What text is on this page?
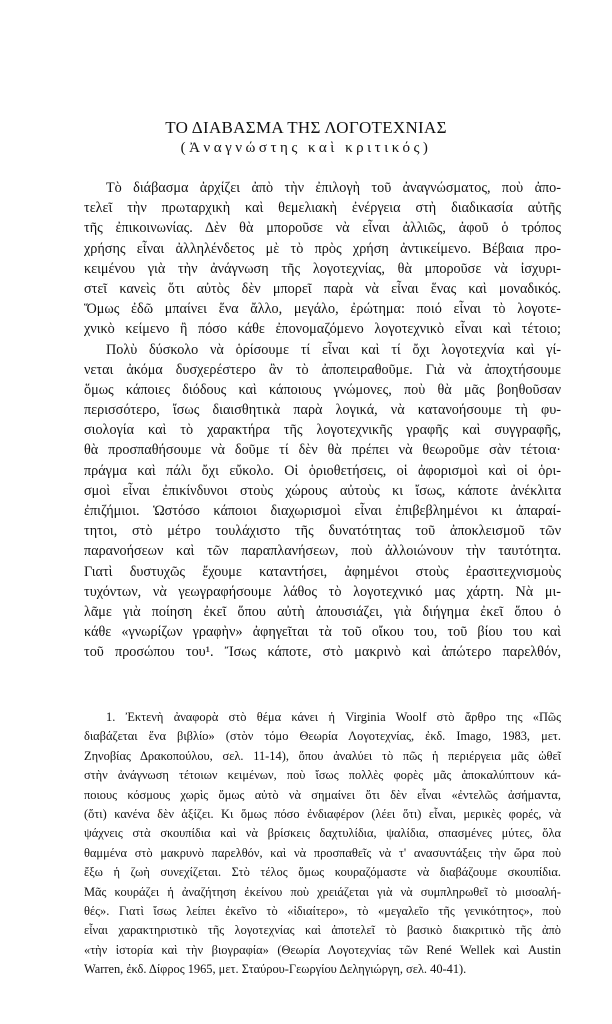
ΤΟ ΔΙΑΒΑΣΜΑ ΤΗΣ ΛΟΓΟΤΕΧΝΙΑΣ
(Ἀναγνώστης καὶ κριτικός)
Τὸ διάβασμα ἀρχίζει ἀπὸ τὴν ἐπιλογὴ τοῦ ἀναγνώσματος, ποὺ ἀπο-
τελεῖ τὴν πρωταρχικὴ καὶ θεμελιακὴ ἐνέργεια στὴ διαδικασία αὐτῆς
τῆς ἐπικοινωνίας. Δὲν θὰ μποροῦσε νὰ εἶναι ἀλλιῶς, ἀφοῦ ὁ τρόπος
χρήσης εἶναι ἀλληλένδετος μὲ τὸ πρὸς χρήση ἀντικείμενο. Βέβαια προ-
κειμένου γιὰ τὴν ἀνάγνωση τῆς λογοτεχνίας, θὰ μποροῦσε νὰ ἰσχυρι-
στεῖ κανεὶς ὅτι αὐτὸς δὲν μπορεῖ παρὰ νὰ εἶναι ἕνας καὶ μοναδικός.
Ὅμως ἐδῶ μπαίνει ἕνα ἄλλο, μεγάλο, ἐρώτημα: ποιό εἶναι τὸ λογοτε-
χνικὸ κείμενο ἢ πόσο κάθε ἐπονομαζόμενο λογοτεχνικὸ εἶναι καὶ τέτοιο;
Πολὺ δύσκολο νὰ ὁρίσουμε τί εἶναι καὶ τί ὄχι λογοτεχνία καὶ γί-
νεται ἀκόμα δυσχερέστερο ἂν τὸ ἀποπειραθοῦμε. Γιὰ νὰ ἀποχτήσουμε
ὅμως κάποιες διόδους καὶ κάποιους γνώμονες, ποὺ θὰ μᾶς βοηθοῦσαν
περισσότερο, ἴσως διαισθητικὰ παρὰ λογικά, νὰ κατανοήσουμε τὴ φυ-
σιολογία καὶ τὸ χαρακτήρα τῆς λογοτεχνικῆς γραφῆς καὶ συγγραφῆς,
θὰ προσπαθήσουμε νὰ δοῦμε τί δὲν θὰ πρέπει νὰ θεωροῦμε σὰν τέτοια·
πράγμα καὶ πάλι ὄχι εὔκολο. Οἱ ὁριοθετήσεις, οἱ ἀφορισμοὶ καὶ οἱ ὁρι-
σμοὶ εἶναι ἐπικίνδυνοι στοὺς χώρους αὐτοὺς κι ἴσως, κάποτε ἀνέκλιτα
ἐπιζήμιοι. Ὡστόσο κάποιοι διαχωρισμοὶ εἶναι ἐπιβεβλημένοι κι ἀπαραί-
τητοι, στὸ μέτρο τουλάχιστο τῆς δυνατότητας τοῦ ἀποκλεισμοῦ τῶν
παρανοήσεων καὶ τῶν παραπλανήσεων, ποὺ ἀλλοιώνουν τὴν ταυτότητα.
Γιατὶ δυστυχῶς ἔχουμε καταντήσει, ἀφημένοι στοὺς ἐρασιτεχνισμοὺς
τυχόντων, νὰ γεωγραφήσουμε λάθος τὸ λογοτεχνικό μας χάρτη. Νὰ μι-
λᾶμε γιὰ ποίηση ἐκεῖ ὅπου αὐτὴ ἀπουσιάζει, γιὰ διήγημα ἐκεῖ ὅπου ὁ
κάθε «γνωρίζων γραφὴν» ἀφηγεῖται τὰ τοῦ οἴκου του, τοῦ βίου του καὶ
τοῦ προσώπου του¹. Ἴσως κάποτε, στὸ μακρινὸ καὶ ἀπώτερο παρελθόν,
1. Ἐκτενὴ ἀναφορὰ στὸ θέμα κάνει ἡ Virginia Woolf στὸ ἄρθρο της «Πῶς
διαβάζεται ἕνα βιβλίο» (στὸν τόμο Θεωρία Λογοτεχνίας, ἐκδ. Imago, 1983, μετ.
Ζηνοβίας Δρακοπούλου, σελ. 11-14), ὅπου ἀναλύει τὸ πῶς ἡ περιέργεια μᾶς ὠθεῖ
στὴν ἀνάγνωση τέτοιων κειμένων, ποὺ ἴσως πολλὲς φορὲς μᾶς ἀποκαλύπτουν κά-
ποιους κόσμους χωρὶς ὅμως αὐτὸ νὰ σημαίνει ὅτι δὲν εἶναι «ἐντελῶς ἀσήμαντα,
(ὅτι) κανένα δὲν ἀξίζει. Κι ὅμως πόσο ἐνδιαφέρον (λέει ὅτι) εἶναι, μερικὲς φορές, νὰ
ψάχνεις στὰ σκουπίδια καὶ νὰ βρίσκεις δαχτυλίδια, ψαλίδια, σπασμένες μύτες, ὅλα
θαμμένα στὸ μακρυνὸ παρελθόν, καὶ νὰ προσπαθεῖς νὰ τ' ανασυντάξεις τὴν ὥρα ποὺ
ἔξω ἡ ζωὴ συνεχίζεται. Στὸ τέλος ὅμως κουραζόμαστε νὰ διαβάζουμε σκουπίδια.
Μᾶς κουράζει ἡ ἀναζήτηση ἐκείνου ποὺ χρειάζεται γιὰ νὰ συμπληρωθεῖ τὸ μισοαλή-
θές». Γιατὶ ἴσως λείπει ἐκεῖνο τὸ «ἰδιαίτερο», τὸ «μεγαλεῖο τῆς γενικότητος», ποὺ
εἶναι χαρακτηριστικὸ τῆς λογοτεχνίας καὶ ἀποτελεῖ τὸ βασικὸ διακριτικὸ τῆς ἀπὸ
«τὴν ἱστορία καὶ τὴν βιογραφία» (Θεωρία Λογοτεχνίας τῶν René Wellek καὶ Austin
Warren, ἐκδ. Δίφρος 1965, μετ. Σταύρου-Γεωργίου Δεληγιώργη, σελ. 40-41).
